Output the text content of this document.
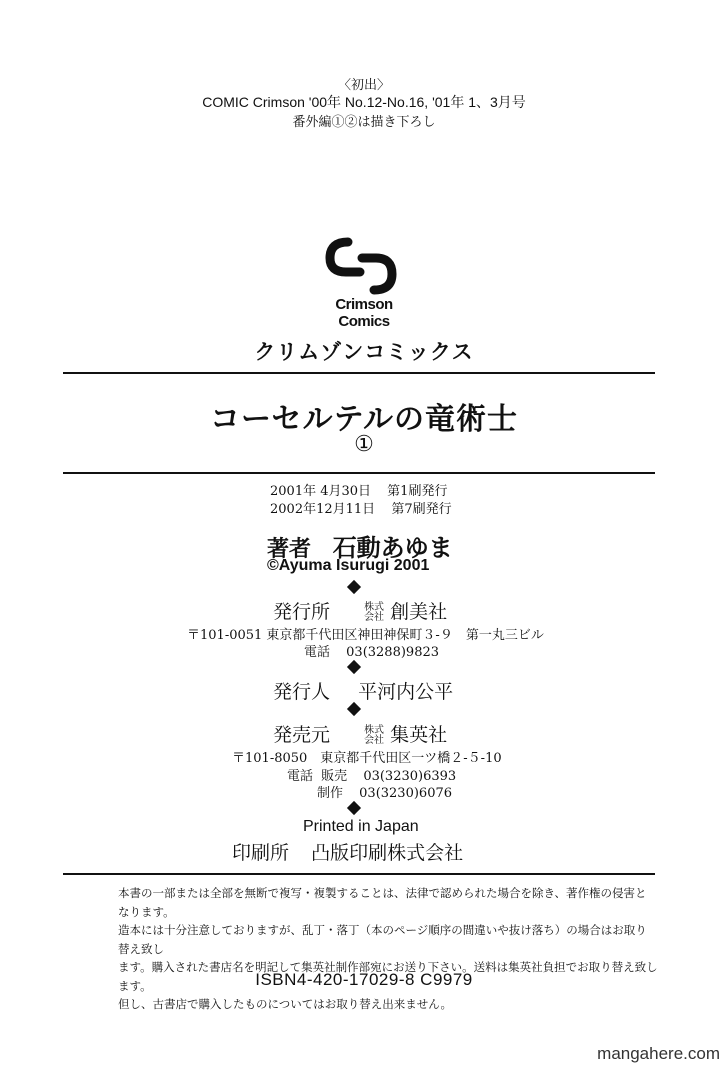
〈初出〉
COMIC Crimson '00年 No.12-No.16, '01年 1、3月号
番外編①②は描き下ろし
Crimson
Comics
クリムゾンコミックス
コーセルテルの竜術士
①
2001年 4月30日 第1刷発行
2002年12月11日 第7刷発行
著者 石動あゆま
©Ayuma Isurugi 2001
発行所	株式
会社 創美社
〒101-0051 東京都千代田区神田神保町３-９　第一丸三ビル
電話 03(3288)9823
発行人 平河内公平
発売元	株式
会社 集英社
〒101-8050　東京都千代田区一ツ橋２-５-10
電話 販売 03(3230)6393
制作 03(3230)6076
Printed in Japan
印刷所 凸版印刷株式会社
本書の一部または全部を無断で複写・複製することは、法律で認められた場合を除き、著作権の侵害となります。
造本には十分注意しておりますが、乱丁・落丁（本のページ順序の間違いや抜け落ち）の場合はお取り替え致し
ます。購入された書店名を明記して集英社制作部宛にお送り下さい。送料は集英社負担でお取り替え致します。
但し、古書店で購入したものについてはお取り替え出来ません。
ISBN4-420-17029-8 C9979
mangahere.com
